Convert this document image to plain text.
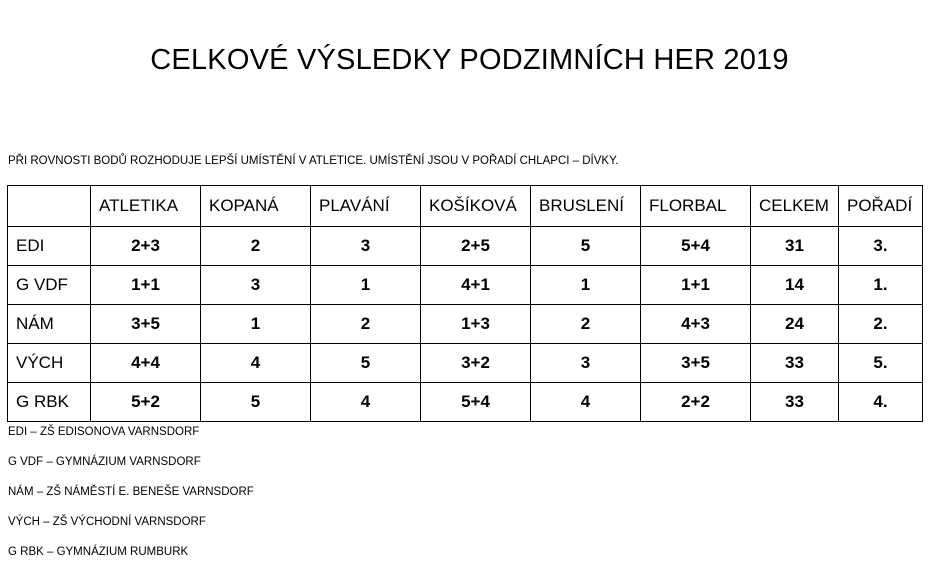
CELKOVÉ VÝSLEDKY PODZIMNÍCH HER 2019
PŘI ROVNOSTI BODŮ ROZHODUJE LEPŠÍ UMÍSTĚNÍ V ATLETICE. UMÍSTĚNÍ JSOU V POŘADÍ CHLAPCI – DÍVKY.
	ATLETIKA	KOPANÁ	PLAVÁNÍ	KOŠÍKOVÁ	BRUSLENÍ	FLORBAL	CELKEM	POŘADÍ
EDI	2+3	2	3	2+5	5	5+4	31	3.
G VDF	1+1	3	1	4+1	1	1+1	14	1.
NÁM	3+5	1	2	1+3	2	4+3	24	2.
VÝCH	4+4	4	5	3+2	3	3+5	33	5.
G RBK	5+2	5	4	5+4	4	2+2	33	4.
EDI – ZŠ EDISONOVA VARNSDORF
G VDF – GYMNÁZIUM VARNSDORF
NÁM – ZŠ NÁMĚSTÍ E. BENEŠE VARNSDORF
VÝCH – ZŠ VÝCHODNÍ VARNSDORF
G RBK – GYMNÁZIUM RUMBURK
